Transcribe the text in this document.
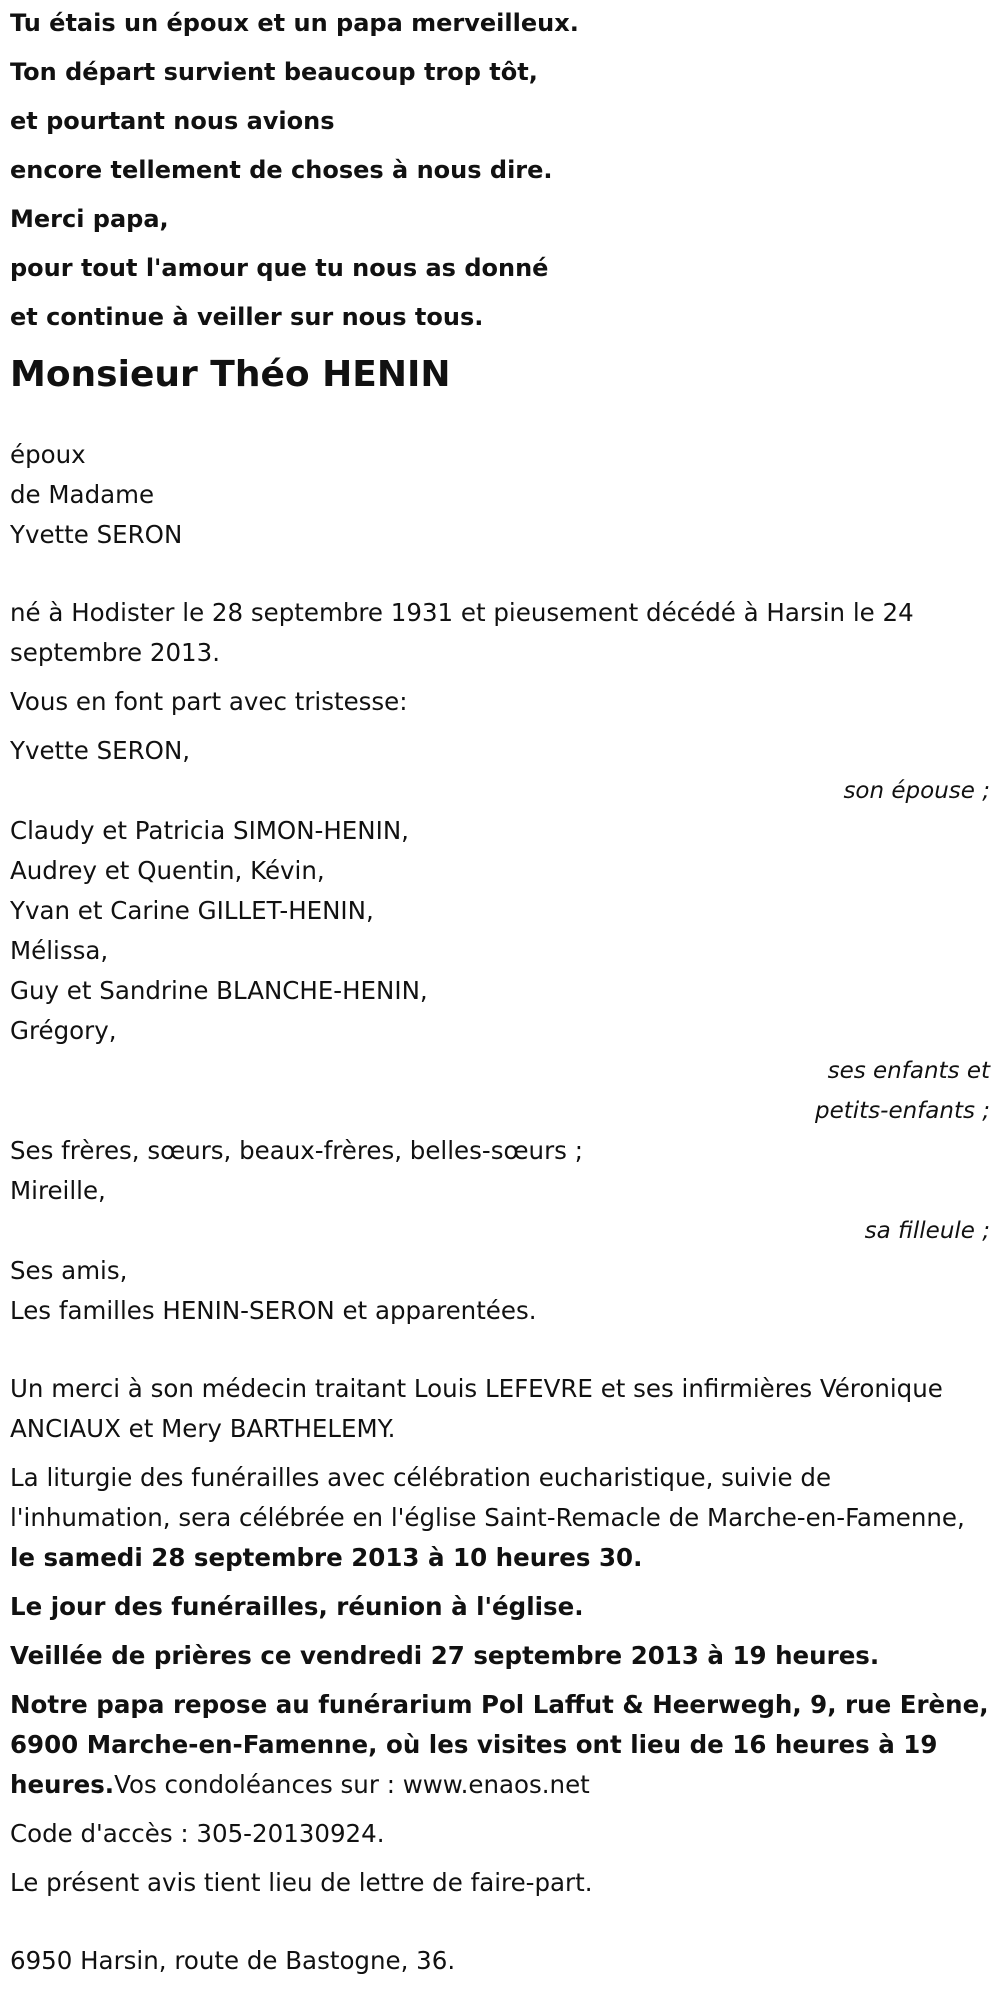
Tu étais un époux et un papa merveilleux.

Ton départ survient beaucoup trop tôt,

et pourtant nous avions

encore tellement de choses à nous dire.

Merci papa,

pour tout l'amour que tu nous as donné

et continue à veiller sur nous tous.

Monsieur Théo HENIN
époux
de Madame
Yvette SERON
né à Hodister le 28 septembre 1931 et pieusement décédé à Harsin le 24 septembre 2013.
Vous en font part avec tristesse:
Yvette SERON,
son épouse ;
Claudy et Patricia SIMON-HENIN,
Audrey et Quentin, Kévin,
Yvan et Carine GILLET-HENIN,
Mélissa,
Guy et Sandrine BLANCHE-HENIN,
Grégory,
ses enfants et
petits-enfants ;
Ses frères, sœurs, beaux-frères, belles-sœurs ;
Mireille,
sa filleule ;
Ses amis,
Les familles HENIN-SERON et apparentées.
Un merci à son médecin traitant Louis LEFEVRE et ses infirmières Véronique ANCIAUX et Mery BARTHELEMY.
La liturgie des funérailles avec célébration eucharistique, suivie de l'inhumation, sera célébrée en l'église Saint-Remacle de Marche-en-Famenne, le samedi 28 septembre 2013 à 10 heures 30.
Le jour des funérailles, réunion à l'église.
Veillée de prières ce vendredi 27 septembre 2013 à 19 heures.
Notre papa repose au funérarium Pol Laffut & Heerwegh, 9, rue Erène, 6900 Marche-en-Famenne, où les visites ont lieu de 16 heures à 19 heures.Vos condoléances sur : www.enaos.net
Code d'accès : 305-20130924.
Le présent avis tient lieu de lettre de faire-part.
6950 Harsin, route de Bastogne, 36.
